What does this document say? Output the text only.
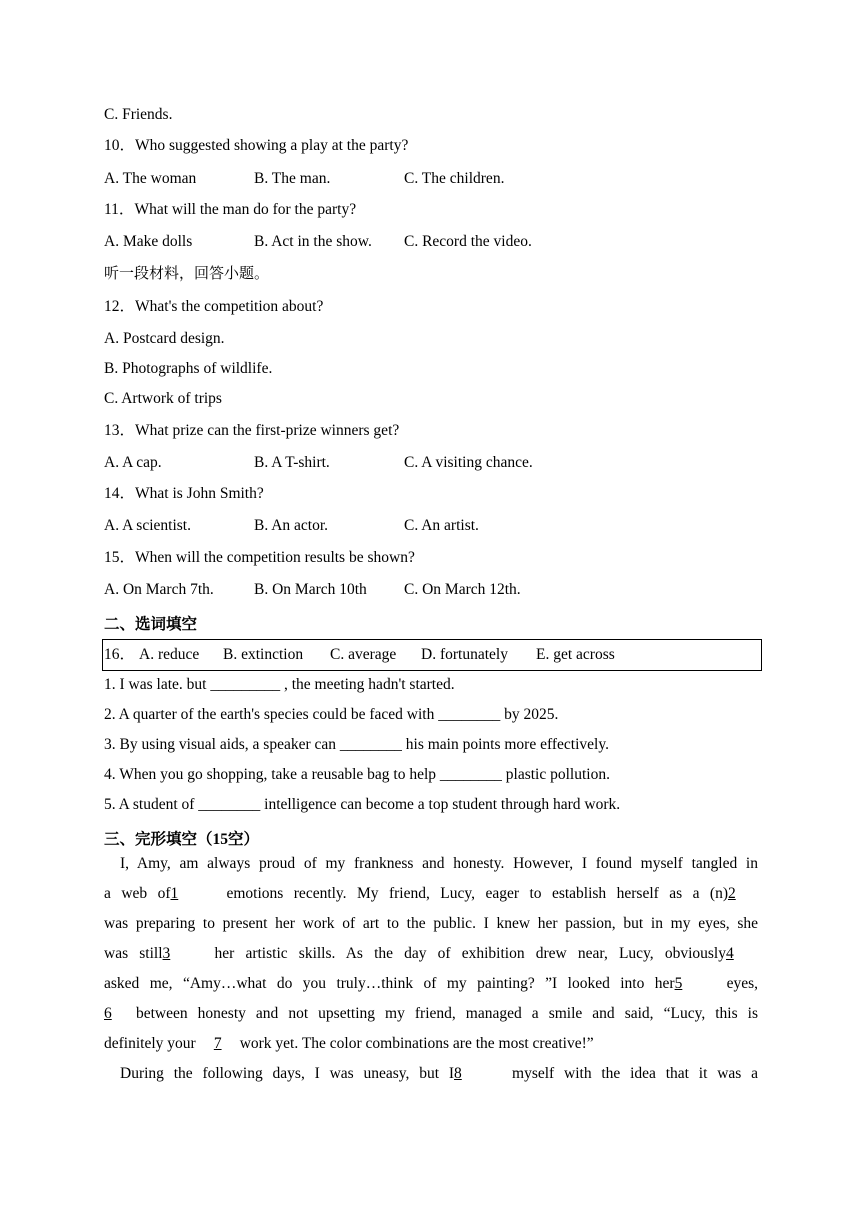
C. Friends.
10．Who suggested showing a play at the party?
A. The woman	B. The man.	C. The children.
11．What will the man do for the party?
A. Make dolls	B. Act in the show. C. Record the video.
听一段材料，回答小题。
12．What's the competition about?
A. Postcard design.
B. Photographs of wildlife.
C. Artwork of trips
13．What prize can the first-prize winners get?
A. A cap.	B. A T-shirt.	C. A visiting chance.
14．What is John Smith?
A. A scientist.	B. An actor.	C. An artist.
15．When will the competition results be shown?
A. On March 7th.	B. On March 10th C. On March 12th.
二、选词填空
16． A. reduce B. extinction C. average D. fortunately E. get across
1. I was late. but _________ , the meeting hadn't started.
2. A quarter of the earth's species could be faced with ________ by 2025.
3. By using visual aids, a speaker can ________ his main points more effectively.
4. When you go shopping, take a reusable bag to help ________ plastic pollution.
5. A student of ________ intelligence can become a top student through hard work.
三、完形填空（15空）
I, Amy, am always proud of my frankness and honesty. However, I found myself tangled in
a web of1	emotions recently. My friend, Lucy, eager to establish herself as a (n)2
was preparing to present her work of art to the public. I knew her passion, but in my eyes, she
was still3	her artistic skills. As the day of exhibition drew near, Lucy, obviously4
asked me, “Amy…what do you truly…think of my painting? ”I looked into her5	eyes,
6 between honesty and not upsetting my friend, managed a smile and said, “Lucy, this is
definitely your 7 work yet. The color combinations are the most creative!”
During the following days, I was uneasy, but I8	myself with the idea that it was a
